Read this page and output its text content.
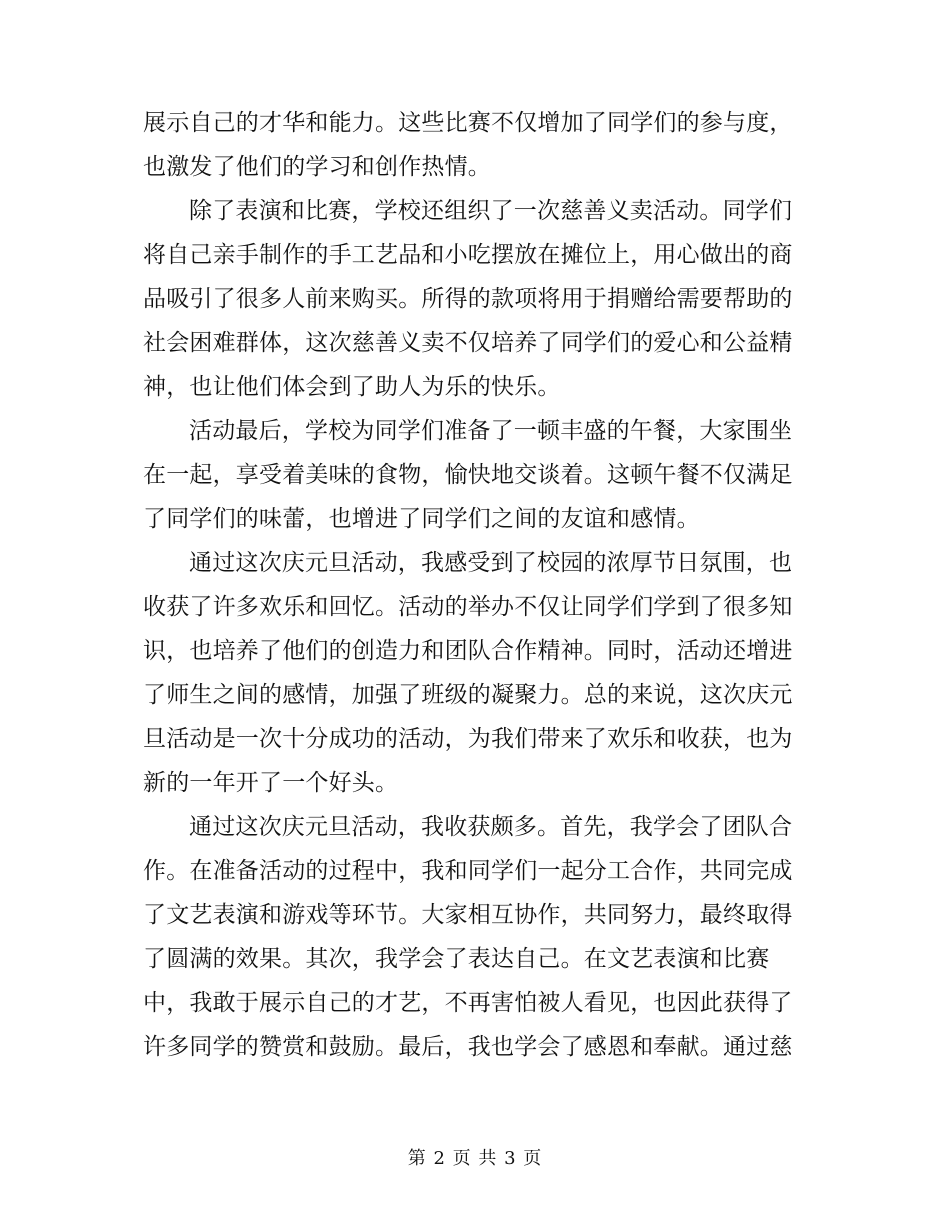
展示自己的才华和能力。这些比赛不仅增加了同学们的参与度，
也激发了他们的学习和创作热情。
除了表演和比赛，学校还组织了一次慈善义卖活动。同学们
将自己亲手制作的手工艺品和小吃摆放在摊位上，用心做出的商
品吸引了很多人前来购买。所得的款项将用于捐赠给需要帮助的
社会困难群体，这次慈善义卖不仅培养了同学们的爱心和公益精
神，也让他们体会到了助人为乐的快乐。
活动最后，学校为同学们准备了一顿丰盛的午餐，大家围坐
在一起，享受着美味的食物，愉快地交谈着。这顿午餐不仅满足
了同学们的味蕾，也增进了同学们之间的友谊和感情。
通过这次庆元旦活动，我感受到了校园的浓厚节日氛围，也
收获了许多欢乐和回忆。活动的举办不仅让同学们学到了很多知
识，也培养了他们的创造力和团队合作精神。同时，活动还增进
了师生之间的感情，加强了班级的凝聚力。总的来说，这次庆元
旦活动是一次十分成功的活动，为我们带来了欢乐和收获，也为
新的一年开了一个好头。
通过这次庆元旦活动，我收获颇多。首先，我学会了团队合
作。在准备活动的过程中，我和同学们一起分工合作，共同完成
了文艺表演和游戏等环节。大家相互协作，共同努力，最终取得
了圆满的效果。其次，我学会了表达自己。在文艺表演和比赛
中，我敢于展示自己的才艺，不再害怕被人看见，也因此获得了
许多同学的赞赏和鼓励。最后，我也学会了感恩和奉献。通过慈
第 2 页 共 3 页
